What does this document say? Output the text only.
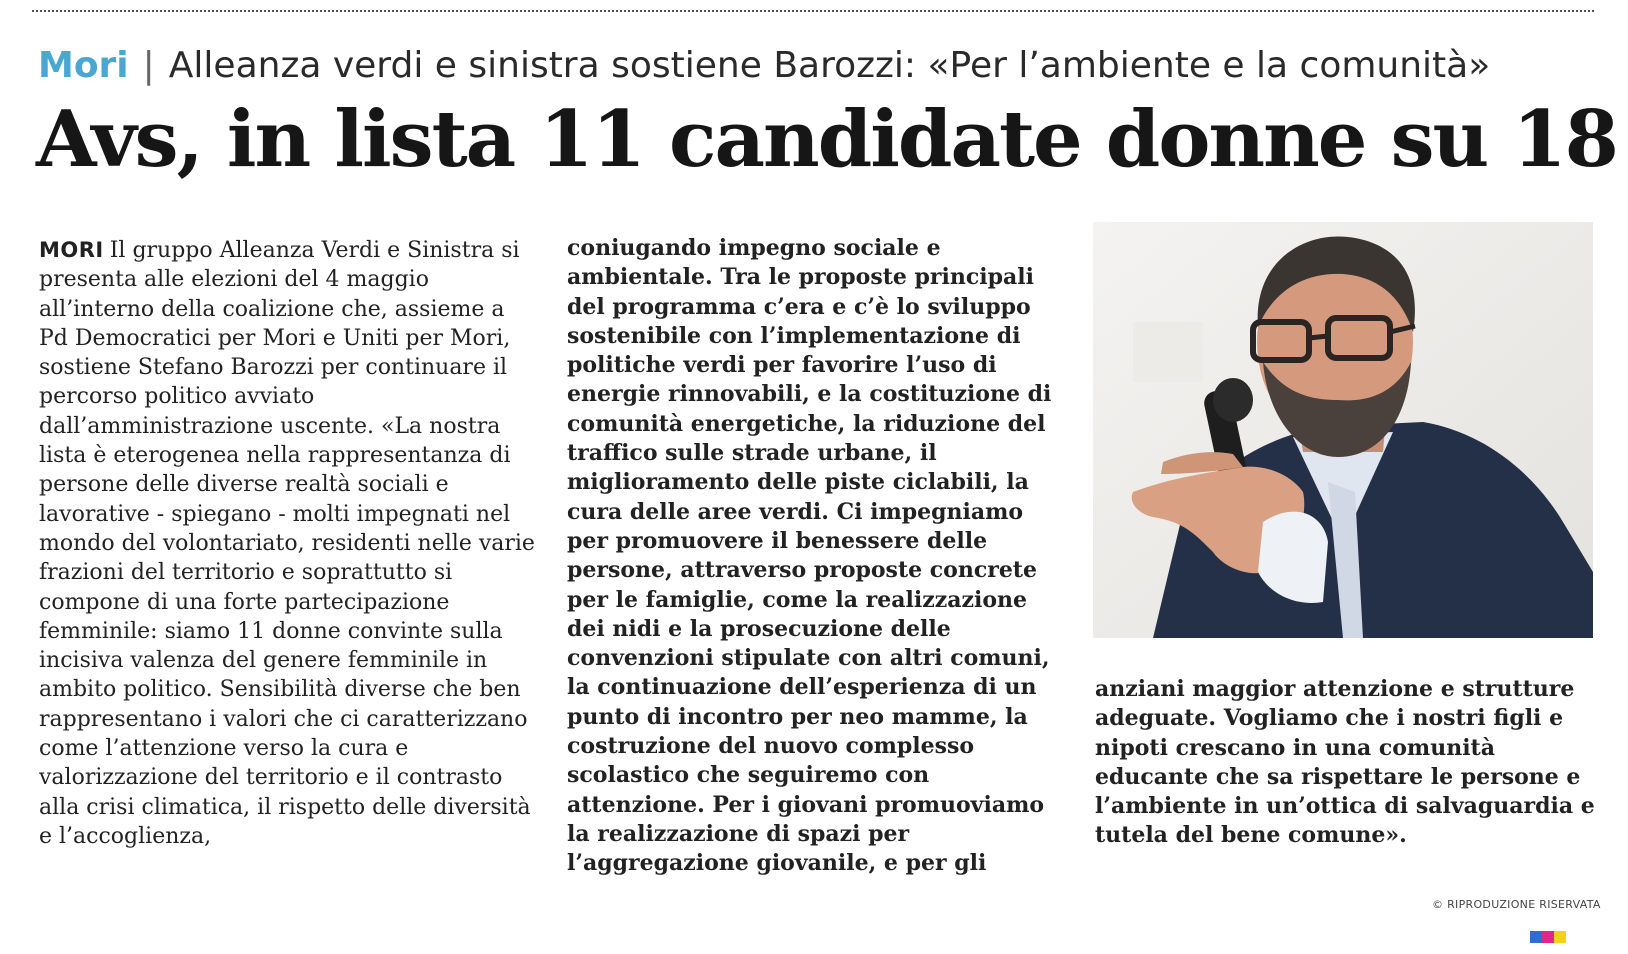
Mori | Alleanza verdi e sinistra sostiene Barozzi: «Per l’ambiente e la comunità»
Avs, in lista 11 candidate donne su 18

MORI Il gruppo Alleanza Verdi e Sinistra si presenta alle elezioni del 4 maggio all’interno della coalizione che, assieme a Pd Democratici per Mori e Uniti per Mori, sostiene Stefano Barozzi per continuare il percorso politico avviato dall’amministrazione uscente. «La nostra lista è eterogenea nella rappresentanza di persone delle diverse realtà sociali e lavorative - spiegano - molti impegnati nel mondo del volontariato, residenti nelle varie frazioni del territorio e soprattutto si compone di una forte partecipazione femminile: siamo 11 donne convinte sulla incisiva valenza del genere femminile in ambito politico. Sensibilità diverse che ben rappresentano i valori che ci caratterizzano come l’attenzione verso la cura e valorizzazione del territorio e il contrasto alla crisi climatica, il rispetto delle diversità e l’accoglienza,

coniugando impegno sociale e ambientale. Tra le proposte principali del programma c’era e c’è lo sviluppo sostenibile con l’implementazione di politiche verdi per favorire l’uso di energie rinnovabili, e la costituzione di comunità energetiche, la riduzione del traffico sulle strade urbane, il miglioramento delle piste ciclabili, la cura delle aree verdi. Ci impegniamo per promuovere il benessere delle persone, attraverso proposte concrete per le famiglie, come la realizzazione dei nidi e la prosecuzione delle convenzioni stipulate con altri comuni, la continuazione dell’esperienza di un punto di incontro per neo mamme, la costruzione del nuovo complesso scolastico che seguiremo con attenzione. Per i giovani promuoviamo la realizzazione di spazi per l’aggregazione giovanile, e per gli

anziani maggior attenzione e strutture adeguate. Vogliamo che i nostri figli e nipoti crescano in una comunità educante che sa rispettare le persone e l’ambiente in un’ottica di salvaguardia e tutela del bene comune».

© RIPRODUZIONE RISERVATA
